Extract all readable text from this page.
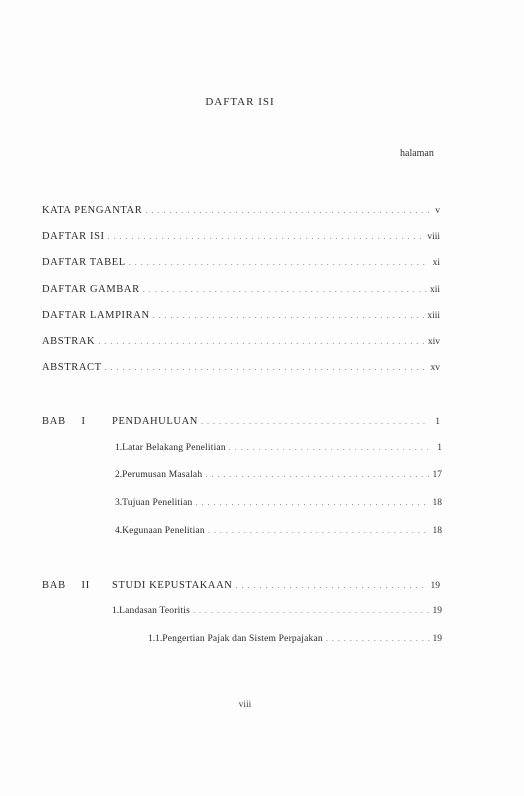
DAFTAR ISI
halaman
KATA PENGANTAR . . .	v
DAFTAR ISI . . .	viii
DAFTAR TABEL . . .	xi
DAFTAR GAMBAR . . .	xii
DAFTAR LAMPIRAN . . .	xiii
ABSTRAK . . .	xiv
ABSTRACT . . .	xv
BAB I	PENDAHULUAN . . .	1
1. Latar Belakang Penelitian . . .	1
2. Perumusan Masalah . . .	17
3. Tujuan Penelitian . . .	18
4. Kegunaan Penelitian . . .	18
BAB II STUDI KEPUSTAKAAN . . .	19
1. Landasan Teoritis . . .	19
1.1. Pengertian Pajak dan Sistem Perpajakan . . .	19
viii
